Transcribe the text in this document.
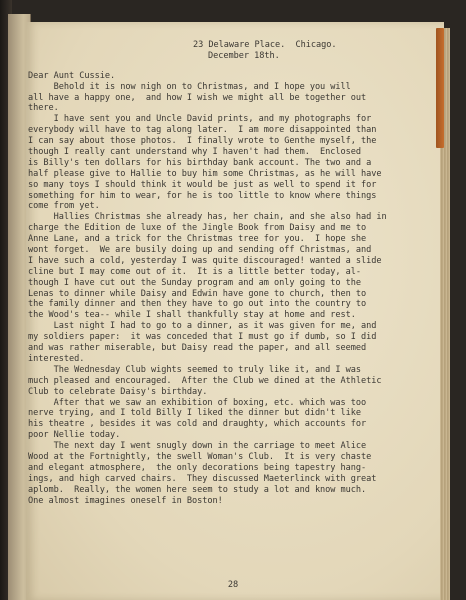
23 Delaware Place.  Chicago.
December 18th.
Dear Aunt Cussie.
Behold it is now nigh on to Christmas, and I hope you will
all have a happy one,  and how I wish we might all be together out
there.
I have sent you and Uncle David prints, and my photographs for
everybody will have to tag along later.  I am more disappointed than
I can say about those photos.  I finally wrote to Genthe myself, the
though I really cant understand why I haven't had them.  Enclosed
is Billy's ten dollars for his birthday bank account. The two and a
half please give to Hallie to buy him some Christmas, as he will have
so many toys I should think it would be just as well to spend it for
something for him to wear, for he is too little to know where things
come from yet.
Hallies Christmas she already has, her chain, and she also had in
charge the Edition de luxe of the Jingle Book from Daisy and me to
Anne Lane, and a trick for the Christmas tree for you.  I hope she
wont forget.  We are busily doing up and sending off Christmas, and
I have such a cold, yesterday I was quite discouraged! wanted a slide
cline but I may come out of it.  It is a little better today, al-
though I have cut out the Sunday program and am only going to the
Lenas to dinner while Daisy and Edwin have gone to church, then to
the family dinner and then they have to go out into the country to
the Wood's tea-- while I shall thankfully stay at home and rest.
Last night I had to go to a dinner, as it was given for me, and
my soldiers paper:  it was conceded that I must go if dumb, so I did
and was rather miserable, but Daisy read the paper, and all seemed
interested.
The Wednesday Club wights seemed to truly like it, and I was
much pleased and encouraged.  After the Club we dined at the Athletic
Club to celebrate Daisy's birthday.
After that we saw an exhibition of boxing, etc. which was too
nerve trying, and I told Billy I liked the dinner but didn't like
his theatre , besides it was cold and draughty, which accounts for
poor Nellie today.
The next day I went snugly down in the carriage to meet Alice
Wood at the Fortnightly, the swell Woman's Club.  It is very chaste
and elegant atmosphere,  the only decorations being tapestry hang-
ings, and high carved chairs.  They discussed Maeterlinck with great
aplomb.  Really, the women here seem to study a lot and know much.
One almost imagines oneself in Boston!
28
